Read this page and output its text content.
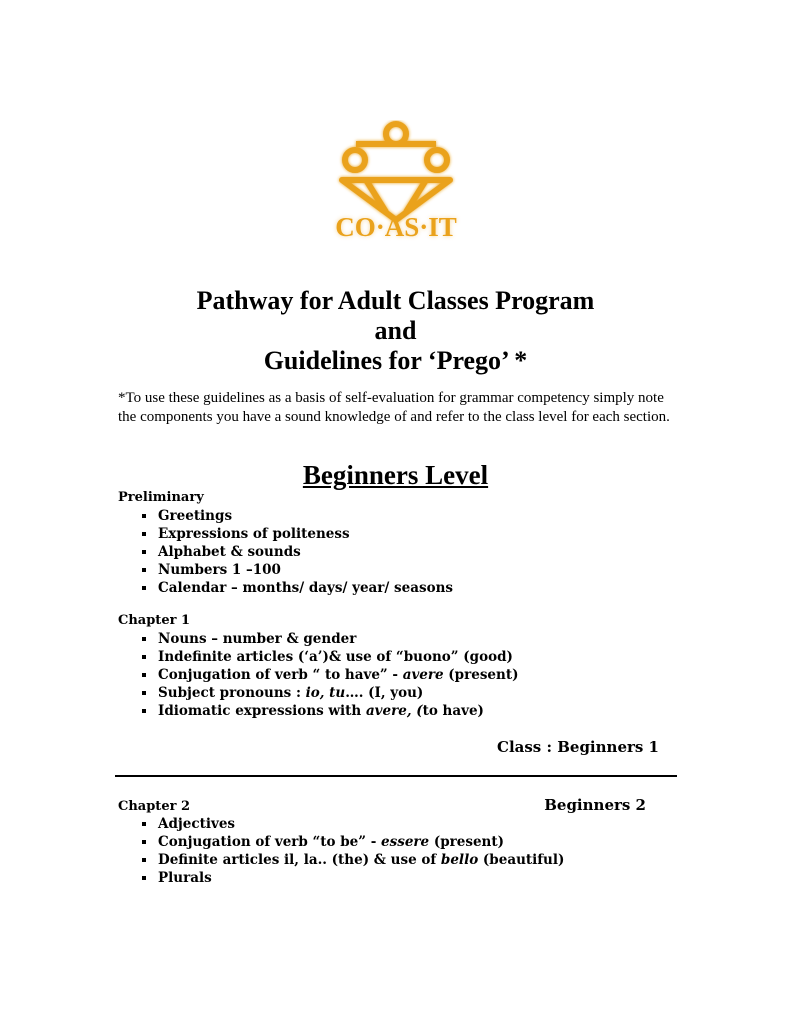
CO·AS·IT
Pathway for Adult Classes Program
and
Guidelines for ‘Prego’ *
*To use these guidelines as a basis of self-evaluation for grammar competency simply note the components you have a sound knowledge of and refer to the class level for each section.
Beginners Level
Preliminary
Greetings
Expressions of politeness
Alphabet & sounds
Numbers 1 –100
Calendar – months/ days/ year/ seasons
Chapter 1
Nouns – number & gender
Indefinite articles (‘a’)& use of “buono” (good)
Conjugation of verb “ to have” - avere (present)
Subject pronouns : io, tu…. (I, you)
Idiomatic expressions with avere, (to have)
Class : Beginners 1
Chapter 2	Beginners 2
Adjectives
Conjugation of verb “to be” - essere (present)
Definite articles il, la.. (the) & use of bello (beautiful)
Plurals
